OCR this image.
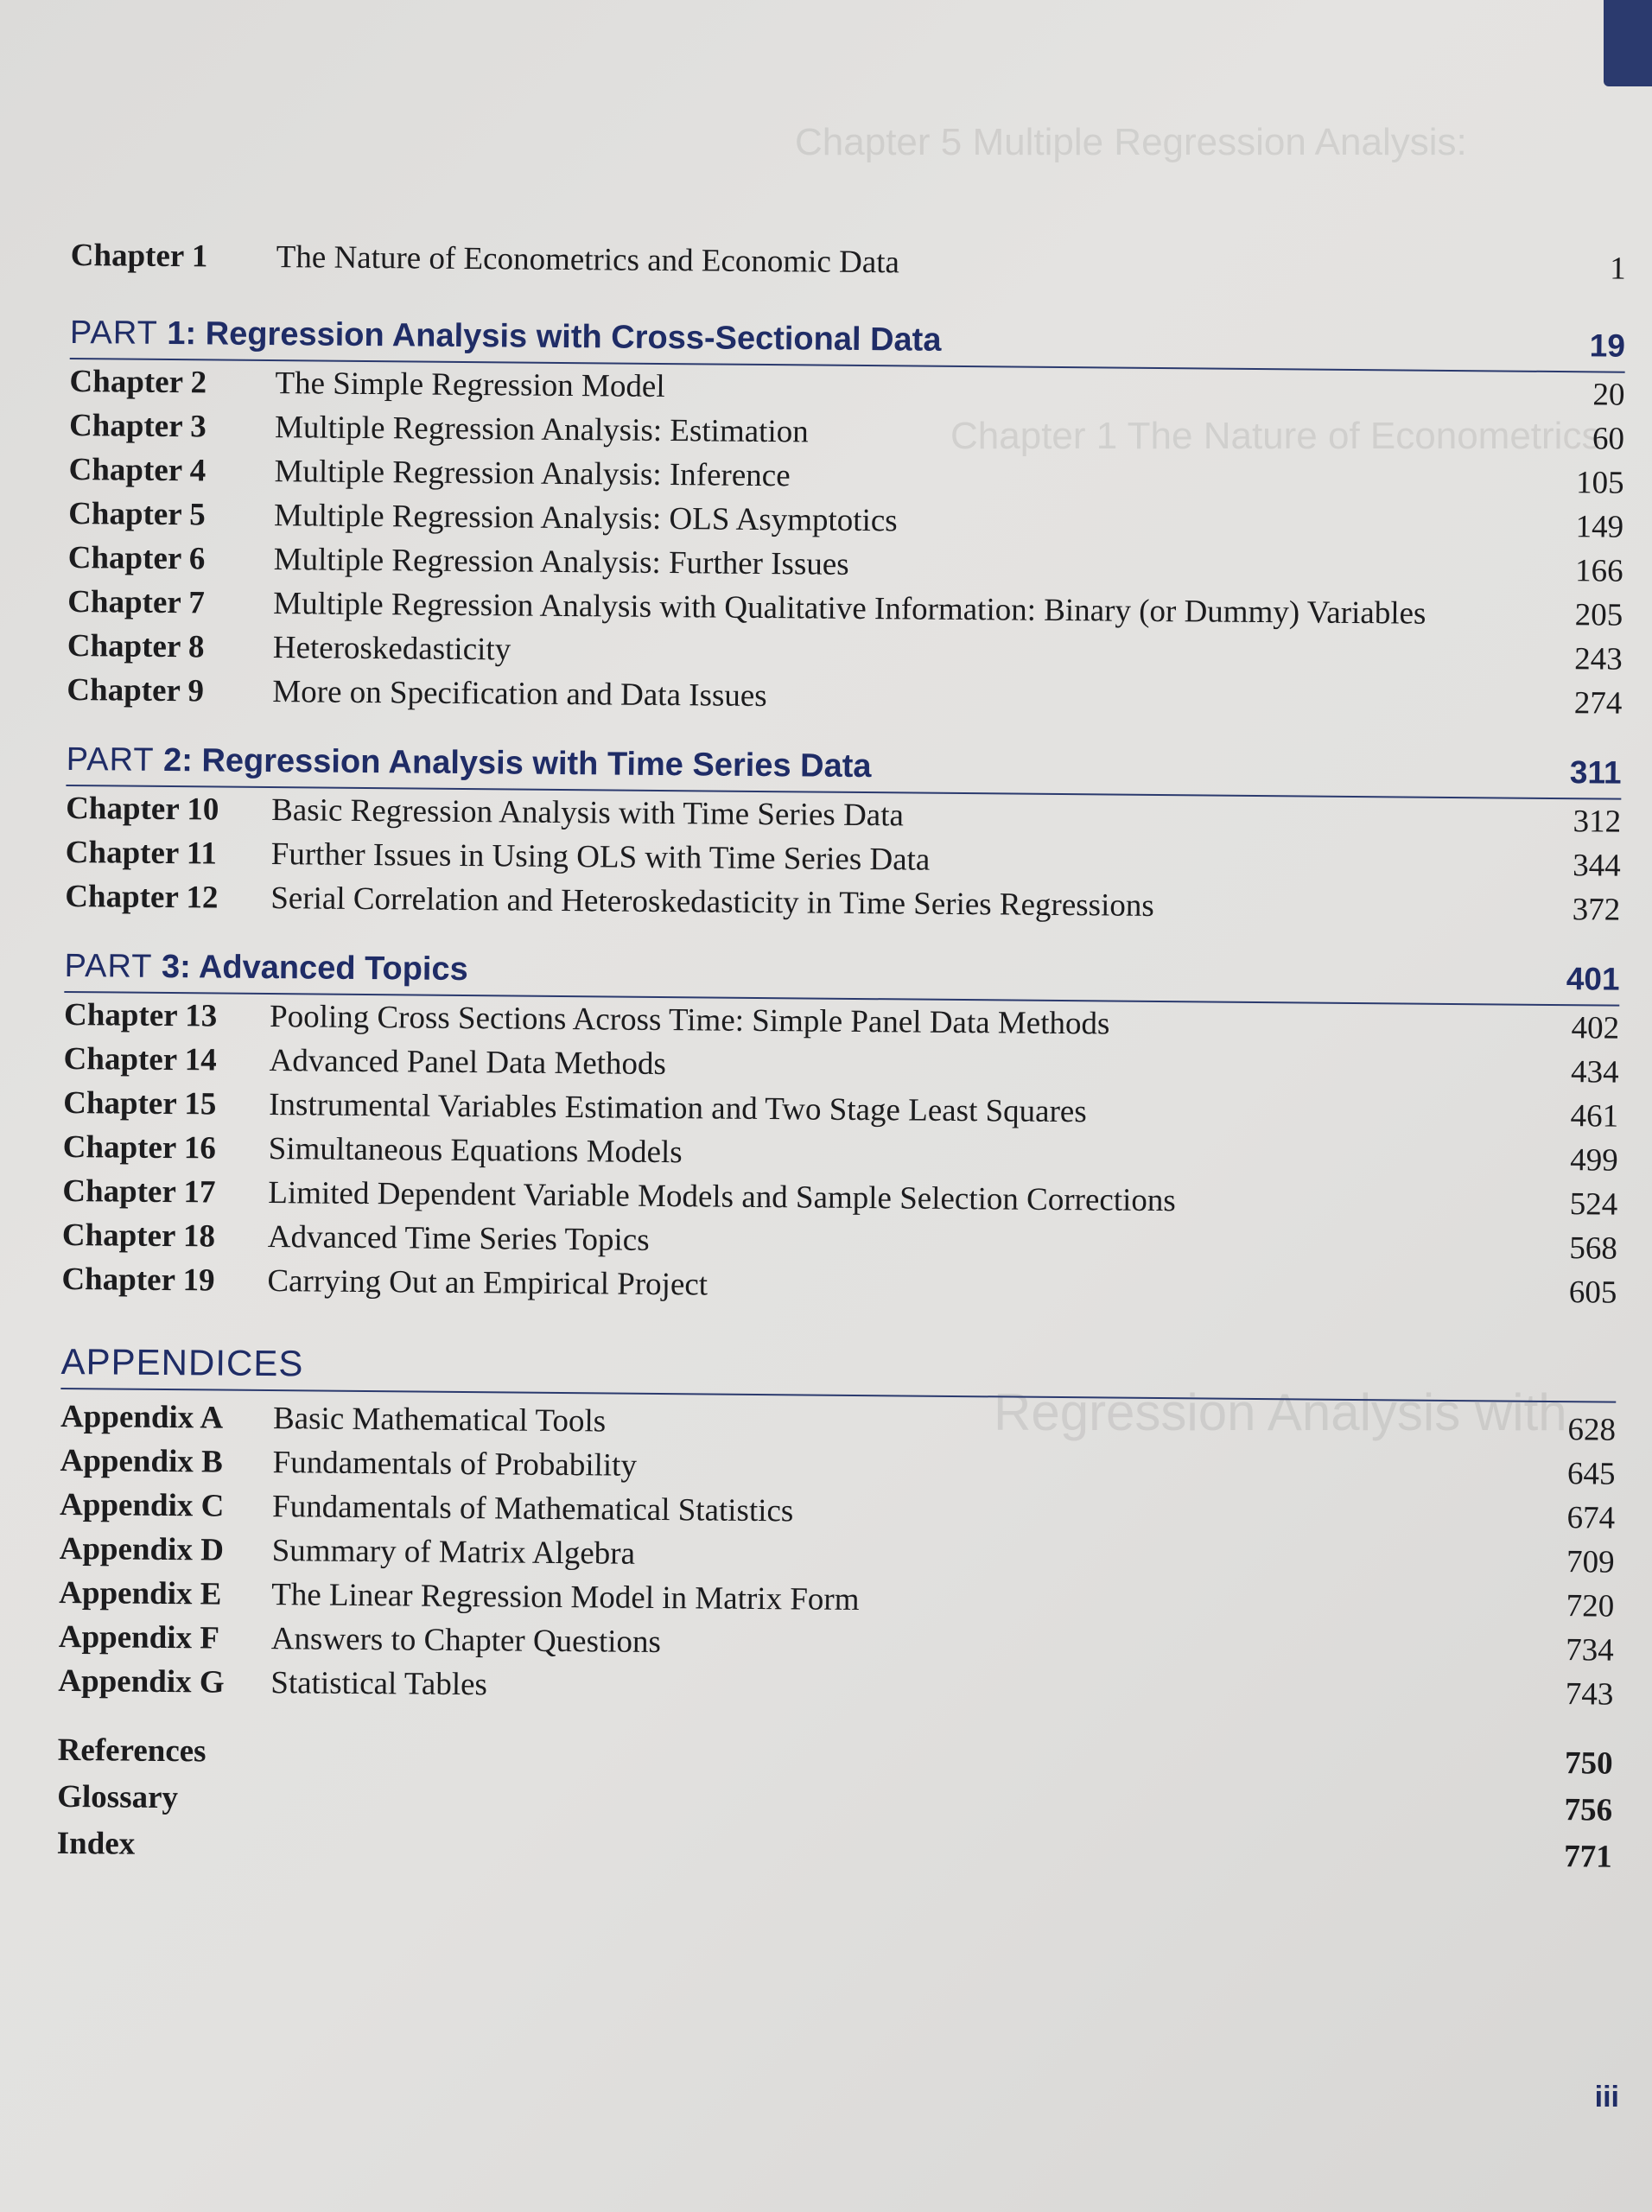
Chapter 5 Multiple Regression Analysis:
Chapter 1 The Nature of Econometrics
Regression Analysis with
Chapter 1	The Nature of Econometrics and Economic Data	1
PART 1: Regression Analysis with Cross-Sectional Data	19
Chapter 2	The Simple Regression Model	20
Chapter 3	Multiple Regression Analysis: Estimation	60
Chapter 4	Multiple Regression Analysis: Inference	105
Chapter 5	Multiple Regression Analysis: OLS Asymptotics	149
Chapter 6	Multiple Regression Analysis: Further Issues	166
Chapter 7	Multiple Regression Analysis with Qualitative Information: Binary (or Dummy) Variables	205
Chapter 8	Heteroskedasticity	243
Chapter 9	More on Specification and Data Issues	274
PART 2: Regression Analysis with Time Series Data	311
Chapter 10	Basic Regression Analysis with Time Series Data	312
Chapter 11	Further Issues in Using OLS with Time Series Data	344
Chapter 12	Serial Correlation and Heteroskedasticity in Time Series Regressions	372
PART 3: Advanced Topics	401
Chapter 13	Pooling Cross Sections Across Time: Simple Panel Data Methods	402
Chapter 14	Advanced Panel Data Methods	434
Chapter 15	Instrumental Variables Estimation and Two Stage Least Squares	461
Chapter 16	Simultaneous Equations Models	499
Chapter 17	Limited Dependent Variable Models and Sample Selection Corrections	524
Chapter 18	Advanced Time Series Topics	568
Chapter 19	Carrying Out an Empirical Project	605
APPENDICES
Appendix A	Basic Mathematical Tools	628
Appendix B	Fundamentals of Probability	645
Appendix C	Fundamentals of Mathematical Statistics	674
Appendix D	Summary of Matrix Algebra	709
Appendix E	The Linear Regression Model in Matrix Form	720
Appendix F	Answers to Chapter Questions	734
Appendix G	Statistical Tables	743
References	750
Glossary	756
Index	771
iii
